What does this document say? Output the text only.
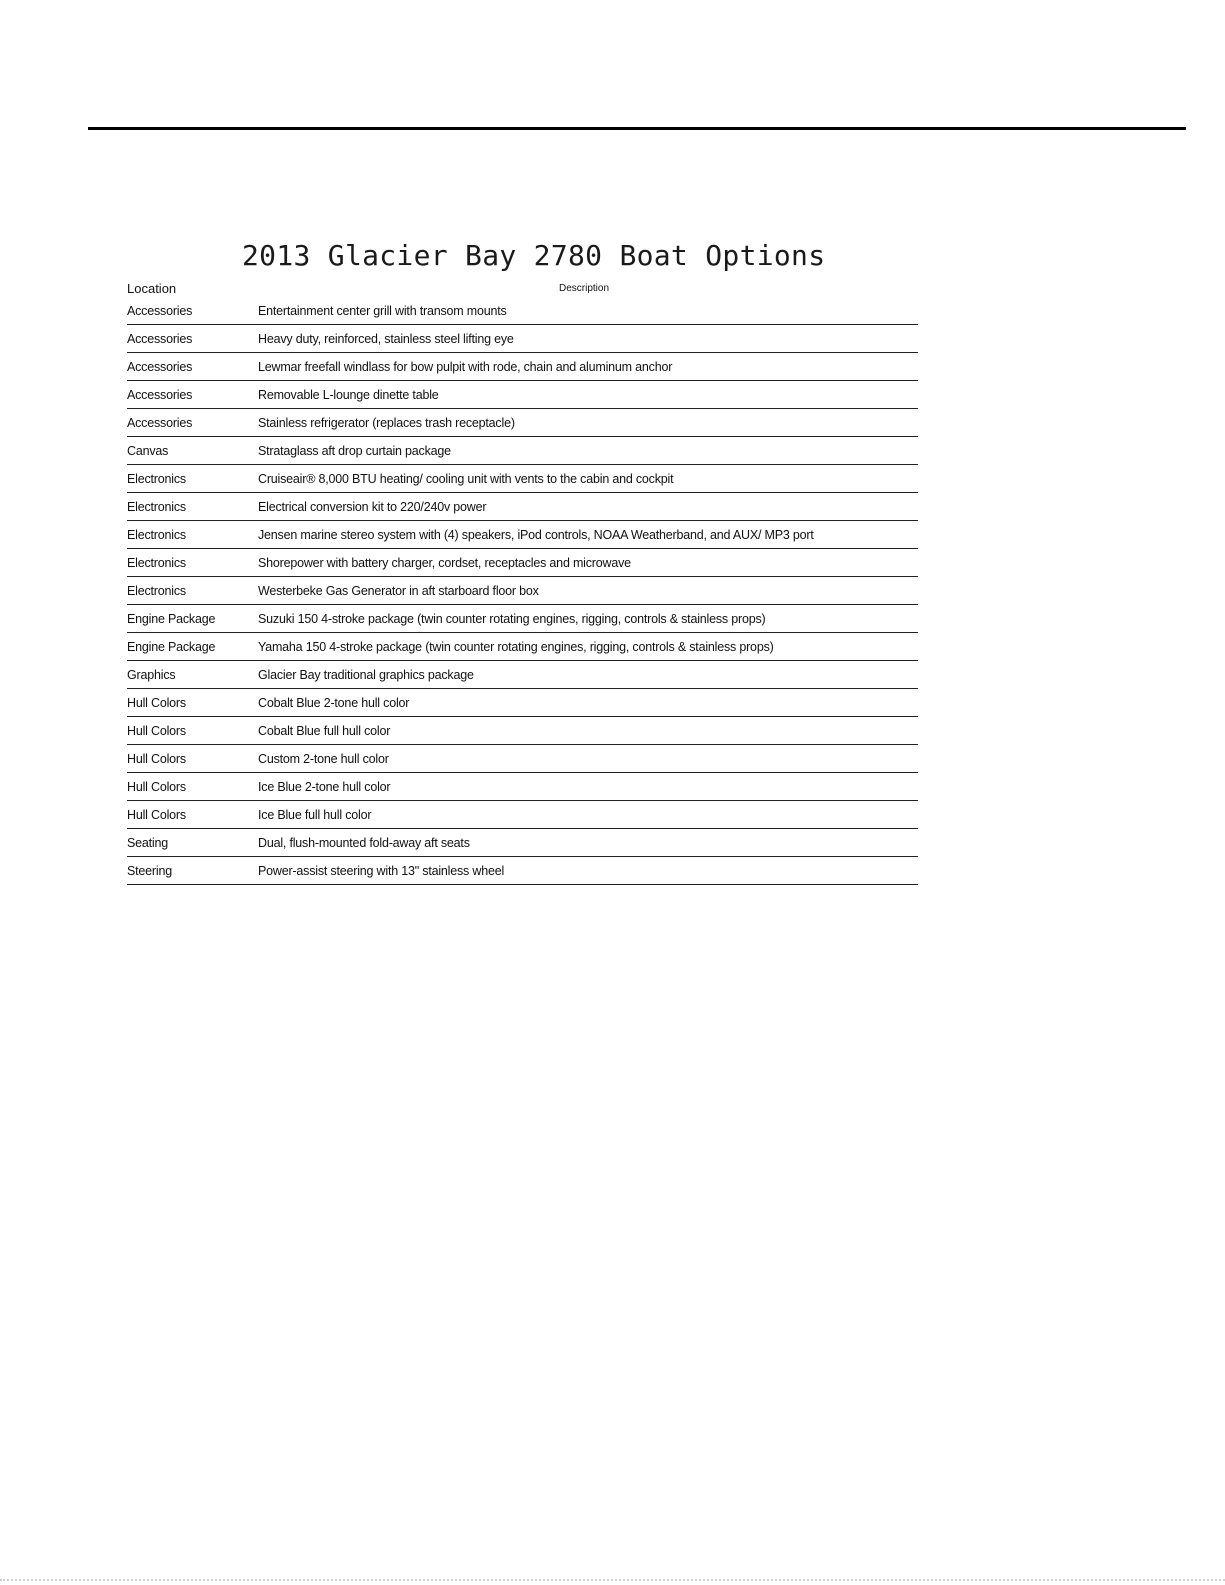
2013 Glacier Bay 2780 Boat Options
Location	Description
Accessories	Entertainment center grill with transom mounts
Accessories	Heavy duty, reinforced, stainless steel lifting eye
Accessories	Lewmar freefall windlass for bow pulpit with rode, chain and aluminum anchor
Accessories	Removable L-lounge dinette table
Accessories	Stainless refrigerator (replaces trash receptacle)
Canvas	Strataglass aft drop curtain package
Electronics	Cruiseair® 8,000 BTU heating/ cooling unit with vents to the cabin and cockpit
Electronics	Electrical conversion kit to 220/240v power
Electronics	Jensen marine stereo system with (4) speakers, iPod controls, NOAA Weatherband, and AUX/ MP3 port
Electronics	Shorepower with battery charger, cordset, receptacles and microwave
Electronics	Westerbeke Gas Generator in aft starboard floor box
Engine Package	Suzuki 150 4-stroke package (twin counter rotating engines, rigging, controls & stainless props)
Engine Package	Yamaha 150 4-stroke package (twin counter rotating engines, rigging, controls & stainless props)
Graphics	Glacier Bay traditional graphics package
Hull Colors	Cobalt Blue 2-tone hull color
Hull Colors	Cobalt Blue full hull color
Hull Colors	Custom 2-tone hull color
Hull Colors	Ice Blue 2-tone hull color
Hull Colors	Ice Blue full hull color
Seating	Dual, flush-mounted fold-away aft seats
Steering	Power-assist steering with 13" stainless wheel
